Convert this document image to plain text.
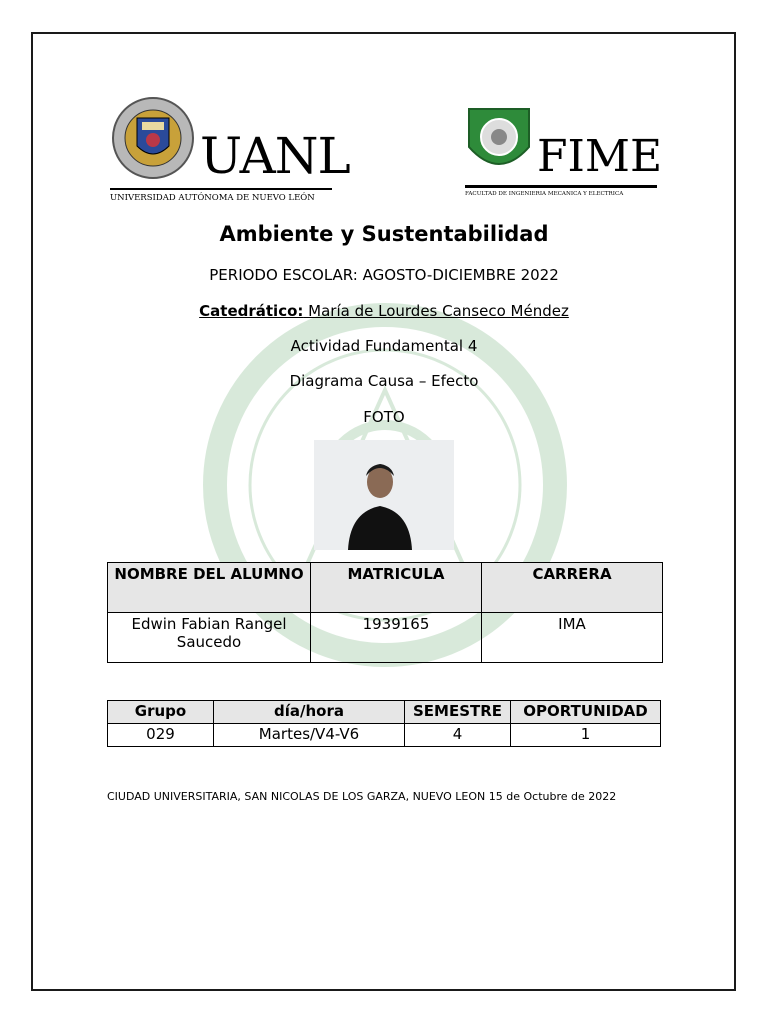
UANL
UNIVERSIDAD AUTÓNOMA DE NUEVO LEÓN
FIME
FACULTAD DE INGENIERIA MECANICA Y ELECTRICA
Ambiente y Sustentabilidad
PERIODO ESCOLAR: AGOSTO-DICIEMBRE 2022
Catedrático: María de Lourdes Canseco Méndez
Actividad Fundamental 4
Diagrama Causa – Efecto
FOTO
NOMBRE DEL ALUMNO	MATRICULA	CARRERA
Edwin Fabian Rangel Saucedo	1939165	IMA
Grupo	día/hora	SEMESTRE	OPORTUNIDAD
029	Martes/V4-V6	4	1
CIUDAD UNIVERSITARIA, SAN NICOLAS DE LOS GARZA, NUEVO LEON 15 de Octubre de 2022
